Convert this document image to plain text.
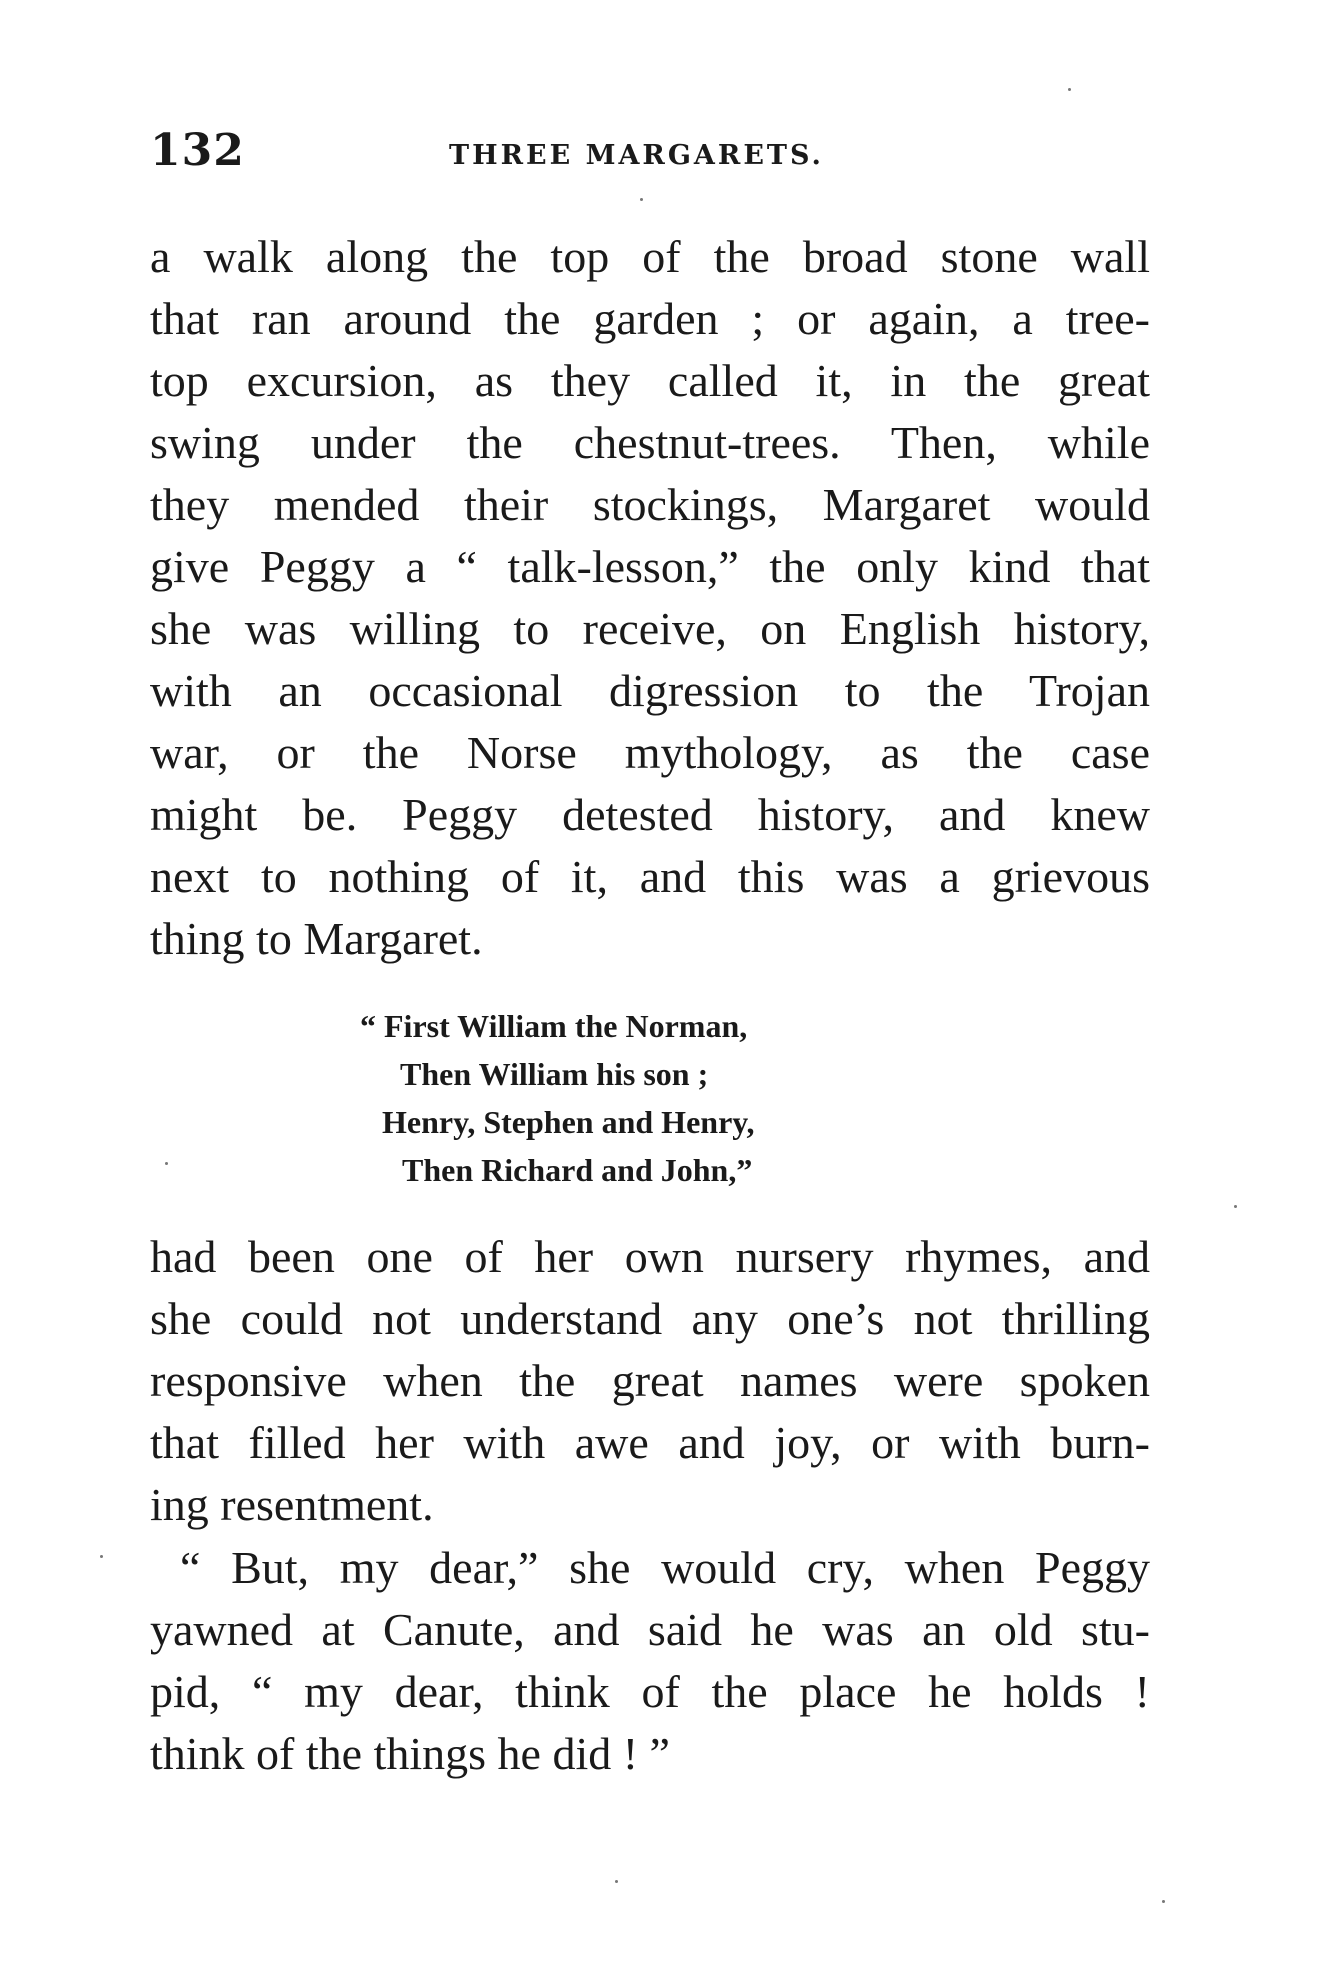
132	THREE MARGARETS.
a walk along the top of the broad stone wall
that ran around the garden ; or again, a tree-
top excursion, as they called it, in the great
swing under the chestnut-trees. Then, while
they mended their stockings, Margaret would
give Peggy a “ talk-lesson,” the only kind that
she was willing to receive, on English history,
with an occasional digression to the Trojan
war, or the Norse mythology, as the case
might be. Peggy detested history, and knew
next to nothing of it, and this was a grievous
thing to Margaret.
“ First William the Norman,
Then William his son ;
Henry, Stephen and Henry,
Then Richard and John,”
had been one of her own nursery rhymes, and
she could not understand any one’s not thrilling
responsive when the great names were spoken
that filled her with awe and joy, or with burn-
ing resentment.
“ But, my dear,” she would cry, when Peggy
yawned at Canute, and said he was an old stu-
pid, “ my dear, think of the place he holds !
think of the things he did ! ”
